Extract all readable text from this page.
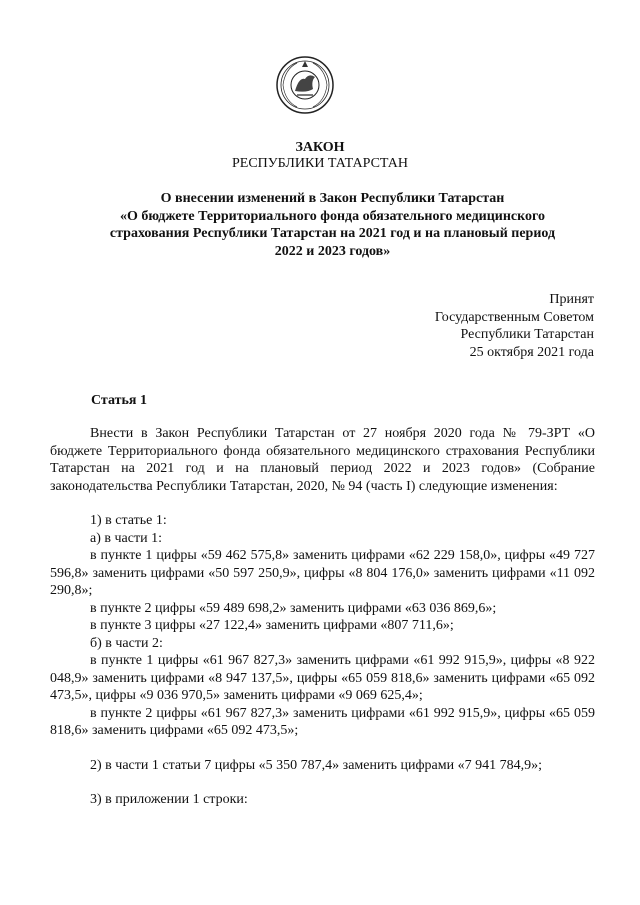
ЗАКОН
РЕСПУБЛИКИ ТАТАРСТАН
О внесении изменений в Закон Республики Татарстан
«О бюджете Территориального фонда обязательного медицинского
страхования Республики Татарстан на 2021 год и на плановый период
2022 и 2023 годов»
Принят
Государственным Советом
Республики Татарстан
25 октября 2021 года
Статья 1

Внести в Закон Республики Татарстан от 27 ноября 2020 года № 79-ЗРТ «О бюджете Территориального фонда обязательного медицинского страхования Республики Татарстан на 2021 год и на плановый период 2022 и 2023 годов» (Собрание законодательства Республики Татарстан, 2020, № 94 (часть I) следующие изменения:

1) в статье 1:

а) в части 1:

в пункте 1 цифры «59 462 575,8» заменить цифрами «62 229 158,0», цифры «49 727 596,8» заменить цифрами «50 597 250,9», цифры «8 804 176,0» заменить цифрами «11 092 290,8»;

в пункте 2 цифры «59 489 698,2» заменить цифрами «63 036 869,6»;

в пункте 3 цифры «27 122,4» заменить цифрами «807 711,6»;

б) в части 2:

в пункте 1 цифры «61 967 827,3» заменить цифрами «61 992 915,9», цифры «8 922 048,9» заменить цифрами «8 947 137,5», цифры «65 059 818,6» заменить цифрами «65 092 473,5», цифры «9 036 970,5» заменить цифрами «9 069 625,4»;

в пункте 2 цифры «61 967 827,3» заменить цифрами «61 992 915,9», цифры «65 059 818,6» заменить цифрами «65 092 473,5»;

2) в части 1 статьи 7 цифры «5 350 787,4» заменить цифрами «7 941 784,9»;

3) в приложении 1 строки:
